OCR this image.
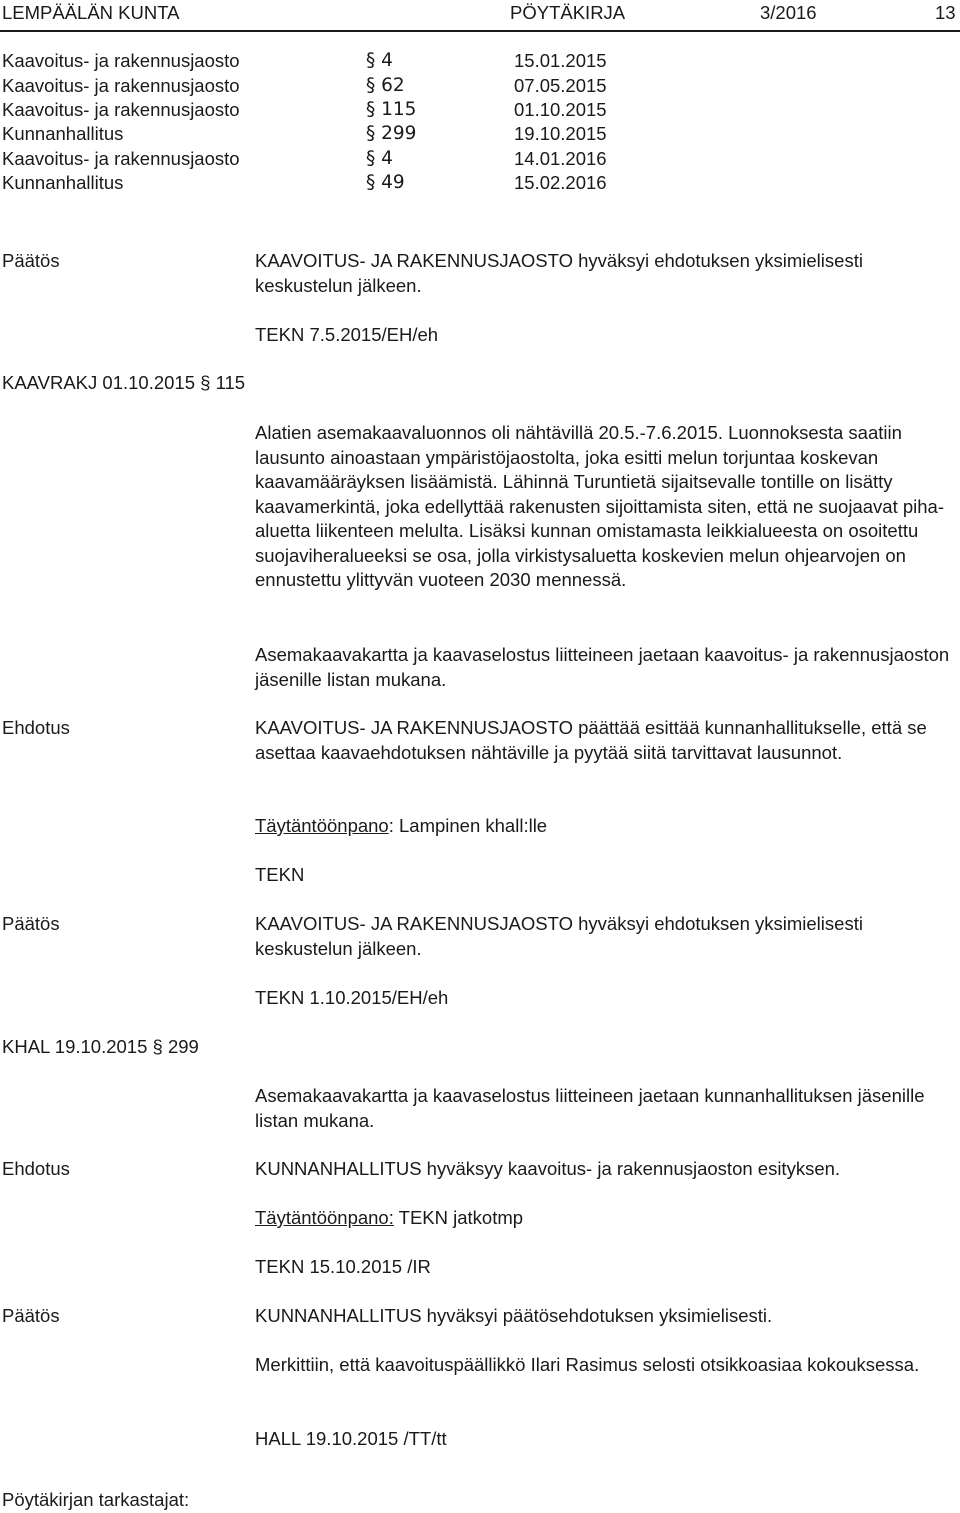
LEMPÄÄLÄN KUNTA	PÖYTÄKIRJA	3/2016	13
Kaavoitus- ja rakennusjaosto	§ 4	15.01.2015
Kaavoitus- ja rakennusjaosto	§ 62	07.05.2015
Kaavoitus- ja rakennusjaosto	§ 115	01.10.2015
Kunnanhallitus	§ 299	19.10.2015
Kaavoitus- ja rakennusjaosto	§ 4	14.01.2016
Kunnanhallitus	§ 49	15.02.2016
Päätös	KAAVOITUS- JA RAKENNUSJAOSTO hyväksyi ehdotuksen yksimielisesti keskustelun jälkeen.
TEKN 7.5.2015/EH/eh
KAAVRAKJ 01.10.2015 § 115
Alatien asemakaavaluonnos oli nähtävillä 20.5.-7.6.2015. Luonnoksesta saatiin lausunto ainoastaan ympäristöjaostolta, joka esitti melun torjuntaa koskevan kaavamääräyksen lisäämistä. Lähinnä Turuntietä sijaitsevalle tontille on lisätty kaavamerkintä, joka edellyttää rakenusten sijoittamista siten, että ne suojaavat piha-aluetta liikenteen melulta. Lisäksi kunnan omistamasta leikkialueesta on osoitettu suojaviheralueeksi se osa, jolla virkistysaluetta koskevien melun ohjearvojen on ennustettu ylittyvän vuoteen 2030 mennessä.
Asemakaavakartta ja kaavaselostus liitteineen jaetaan kaavoitus- ja rakennusjaoston jäsenille listan mukana.
Ehdotus	KAAVOITUS- JA RAKENNUSJAOSTO päättää esittää kunnanhallitukselle, että se asettaa kaavaehdotuksen nähtäville ja pyytää siitä tarvittavat lausunnot.
Täytäntöönpano: Lampinen khall:lle
TEKN
Päätös	KAAVOITUS- JA RAKENNUSJAOSTO hyväksyi ehdotuksen yksimielisesti keskustelun jälkeen.
TEKN 1.10.2015/EH/eh
KHAL 19.10.2015 § 299
Asemakaavakartta ja kaavaselostus liitteineen jaetaan kunnanhallituksen jäsenille listan mukana.
Ehdotus	KUNNANHALLITUS hyväksyy kaavoitus- ja rakennusjaoston esityksen.
Täytäntöönpano: TEKN jatkotmp
TEKN 15.10.2015 /IR
Päätös	KUNNANHALLITUS hyväksyi päätösehdotuksen yksimielisesti.
Merkittiin, että kaavoituspäällikkö Ilari Rasimus selosti otsikkoasiaa kokouksessa.
HALL 19.10.2015 /TT/tt
Pöytäkirjan tarkastajat:
